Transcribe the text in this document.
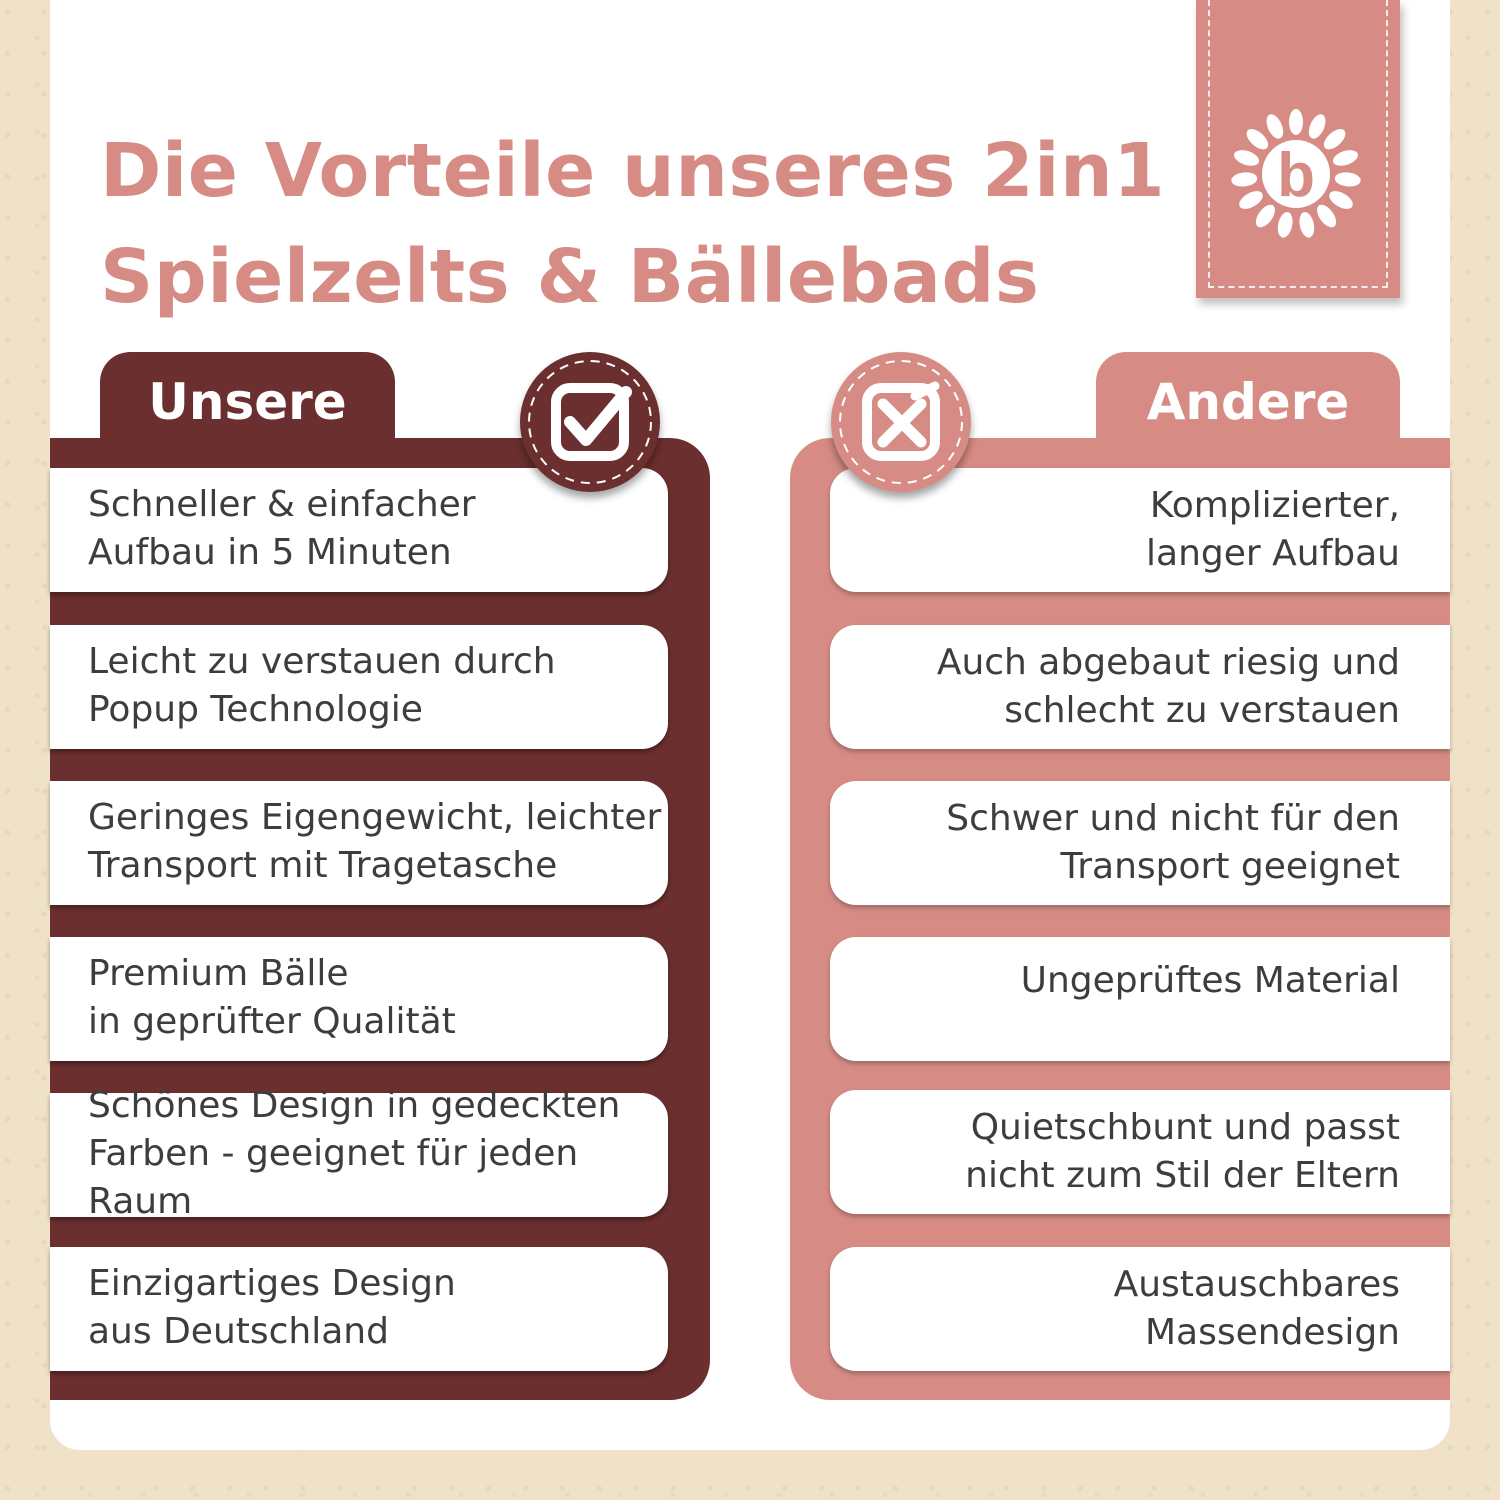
Die Vorteile unseres 2in1
Spielzelts & Bällebads
b
Unsere
Schneller & einfacher
Aufbau in 5 Minuten
Leicht zu verstauen durch
Popup Technologie
Geringes Eigengewicht, leichter
Transport mit Tragetasche
Premium Bälle
in geprüfter Qualität
Schönes Design in gedeckten
Farben - geeignet für jeden Raum
Einzigartiges Design
aus Deutschland
Andere
Komplizierter,
langer Aufbau
Auch abgebaut riesig und
schlecht zu verstauen
Schwer und nicht für den
Transport geeignet
Ungeprüftes Material
Quietschbunt und passt
nicht zum Stil der Eltern
Austauschbares
Massendesign
